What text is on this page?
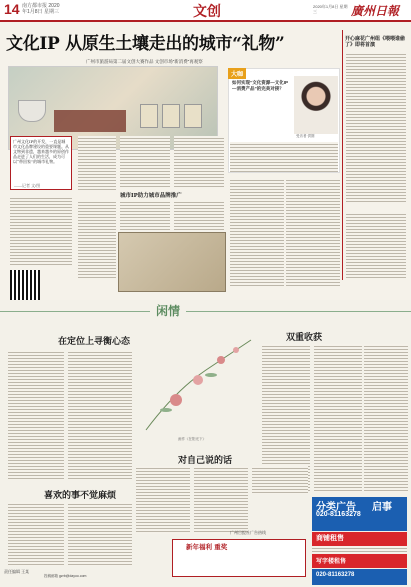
14 南方都市报 2020年1月8日 星期三	文创	2020年1月8日 星期三	廣州日報
文化IP 从原生土壤走出的城市“礼物”
广州市旅游局第二届文创大赛作品 文创市场“新消费”再观察
广州文化IP的开发，一直是城市文化品牌建设的重要课题。从文物到非遗，越来越多的原创作品走进了人们的生活，成为可以“带回家”的城市礼物。
——记者 文/图
城市IP助力城市品牌推广
大咖
如何实现“文化资源—文化IP—消费产品”的完美对接？
受访者 供图
开心麻花广州组《喂喂谁偷了》即将首演
闲情
在定位上寻衡心态
画作《在阳光下》
双重收获
对自己说的话
喜欢的事不觉麻烦
广州日报社广告热线
新年福利 重奖
分类广告 启事
020-81163278
商铺租售
写字楼租售
020-81163278
责任编辑 王某
投稿邮箱 gzrb@dayoo.com
